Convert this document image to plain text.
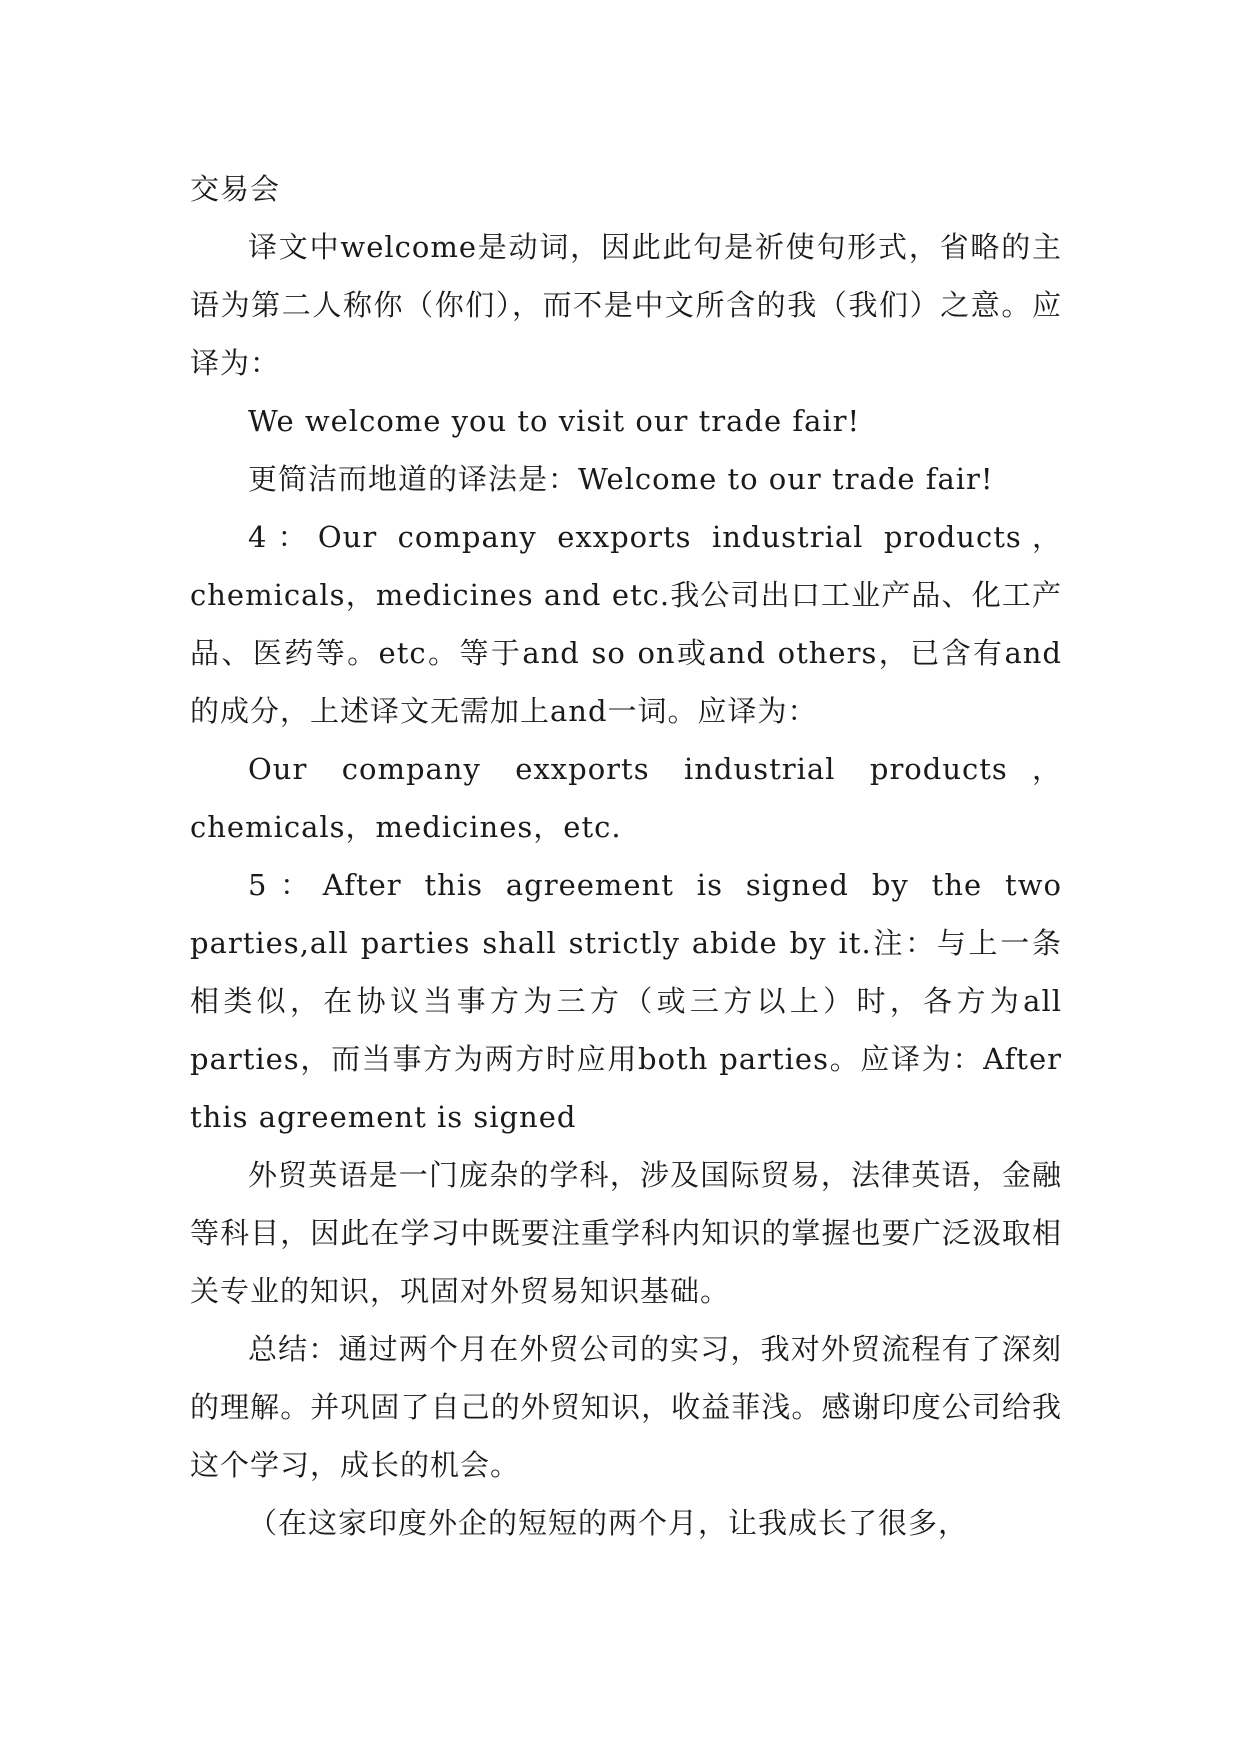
交易会

译文中welcome是动词，因此此句是祈使句形式，省略的主语为第二人称你（你们），而不是中文所含的我（我们）之意。应译为：

We welcome you to visit our trade fair!

更简洁而地道的译法是：Welcome to our trade fair!

4：Our company exxports industrial products，chemicals，medicines and etc.我公司出口工业产品、化工产品、医药等。etc。等于and so on或and others，已含有and的成分，上述译文无需加上and一词。应译为：

Our company exxports industrial products，chemicals，medicines，etc.

5：After this agreement is signed by the two parties,all parties shall strictly abide by it.注：与上一条相类似，在协议当事方为三方（或三方以上）时，各方为all parties，而当事方为两方时应用both parties。应译为：After this agreement is signed

外贸英语是一门庞杂的学科，涉及国际贸易，法律英语，金融等科目，因此在学习中既要注重学科内知识的掌握也要广泛汲取相关专业的知识，巩固对外贸易知识基础。

总结：通过两个月在外贸公司的实习，我对外贸流程有了深刻的理解。并巩固了自己的外贸知识，收益菲浅。感谢印度公司给我这个学习，成长的机会。

（在这家印度外企的短短的两个月，让我成长了很多，
